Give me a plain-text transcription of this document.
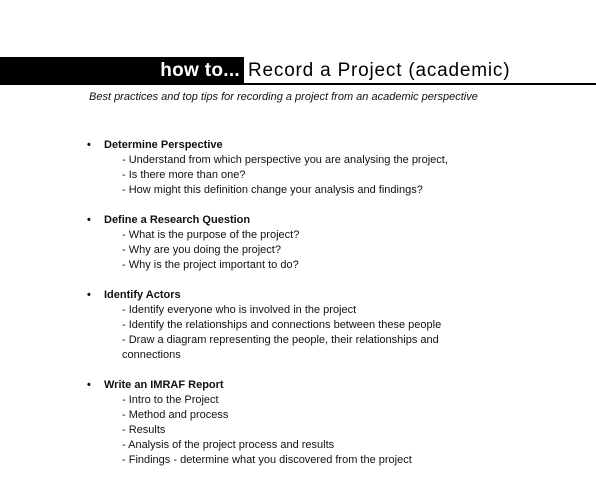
how to... Record a Project (academic)
Best practices and top tips for recording a project from an academic perspective
• Determine Perspective
- Understand from which perspective you are analysing the project,
- Is there more than one?
- How might this definition change your analysis and findings?
• Define a Research Question
- What is the purpose of the project?
- Why are you doing the project?
- Why is the project important to do?
• Identify Actors
- Identify everyone who is involved in the project
- Identify the relationships and connections between these people
- Draw a diagram representing the people, their relationships and connections
• Write an IMRAF Report
- Intro to the Project
- Method and process
- Results
- Analysis of the project process and results
- Findings - determine what you discovered from the project
